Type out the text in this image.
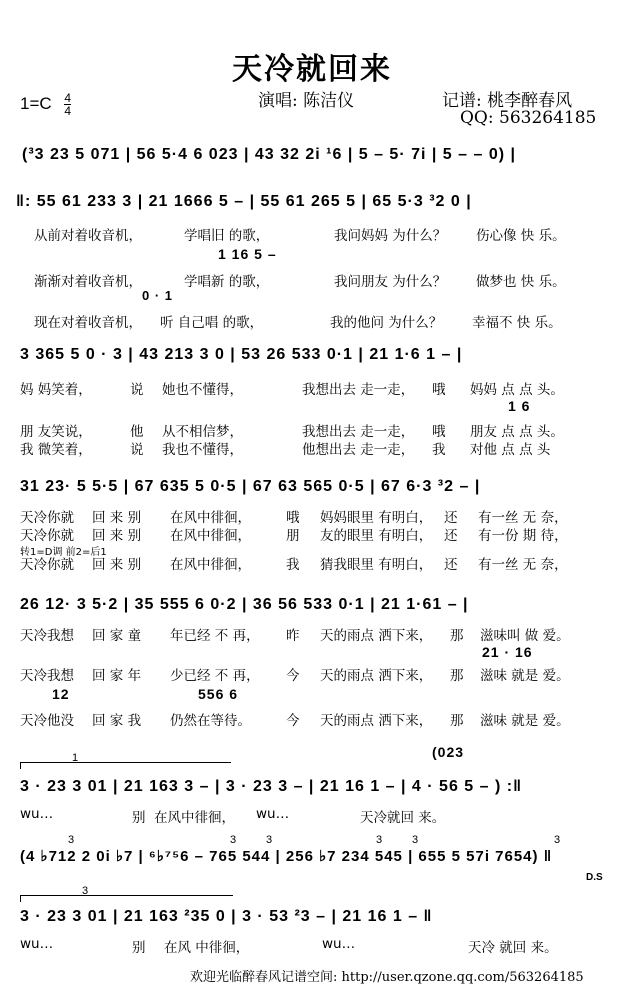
天冷就回来
演唱: 陈洁仪	记谱: 桃李醉春风
QQ: 563264185
$1=C \frac{4}{4}$
(³3 23 5 071 | 56 5·4 6 023 | 43 32 2i ¹6 | 5 – 5· 7i | 5 – – 0) |
‖: 55 61 233 3 | 21 1666 5 – | 55 61 265 5 | 65 5·3 ³2 0 |
从前对着收音机，	学唱旧 的歌，	我问妈妈 为什么？ 伤心像 快 乐。
1 16 5 –
渐渐对着收音机，	学唱新 的歌，	我问朋友 为什么？ 做梦也 快 乐。
0 · 1
现在对着收音机， 听 自己唱 的歌，	我的他问 为什么？ 幸福不 快 乐。
3 365 5 0 · 3 | 43 213 3 0 | 53 26 533 0·1 | 21 1·6 1 – |
妈 妈笑着，	说 她也不懂得，	我想出去 走一走， 哦 妈妈 点 点 头。
1 6
朋 友笑说，	他 从不相信梦，	我想出去 走一走， 哦 朋友 点 点 头。
我 微笑着，	说 我也不懂得，	他想出去 走一走， 我 对他 点 点 头
31 23· 5 5·5 | 67 635 5 0·5 | 67 63 565 0·5 | 67 6·3 ³2 – |
天冷你就 回 来 别 在风中徘徊，	哦 妈妈眼里 有明白， 还 有一丝 无 奈，
天冷你就 回 来 别 在风中徘徊，	朋 友的眼里 有明白， 还 有一份 期 待，
转1=D调 前2=后1
天冷你就 回 来 别 在风中徘徊，	我 猜我眼里 有明白， 还 有一丝 无 奈，
26 12· 3 5·2 | 35 555 6 0·2 | 36 56 533 0·1 | 21 1·61 – |
天冷我想 回 家 童 年已经 不 再， 昨 天的雨点 洒下来， 那 滋味叫 做 爱。
21 · 16
天冷我想 回 家 年 少已经 不 再， 今 天的雨点 洒下来， 那 滋味 就是 爱。
12	556 6
天冷他没 回 家 我 仍然在等待。	今 天的雨点 洒下来， 那 滋味 就是 爱。
1	(023
3 · 23 3 01 | 21 163 3 – | 3 · 23 3 – | 21 16 1 – | 4 · 56 5 – ) :‖
wu…	别 在风中徘徊， wu…	天冷就回 来。
(4 ♭712 2 0i ♭7 | ⁶♭⁷⁵6 – 765 544 | 256 ♭7 234 545 | 655 5 57i 7654) ‖
3	3	3	3	3	3
D.S
3
3 · 23 3 01 | 21 163 ²35 0 | 3 · 53 ²3 – | 21 16 1 – ‖
wu…	别 在风 中徘徊，	wu…	天冷 就回 来。
欢迎光临醉春风记谱空间: http://user.qzone.qq.com/563264185
